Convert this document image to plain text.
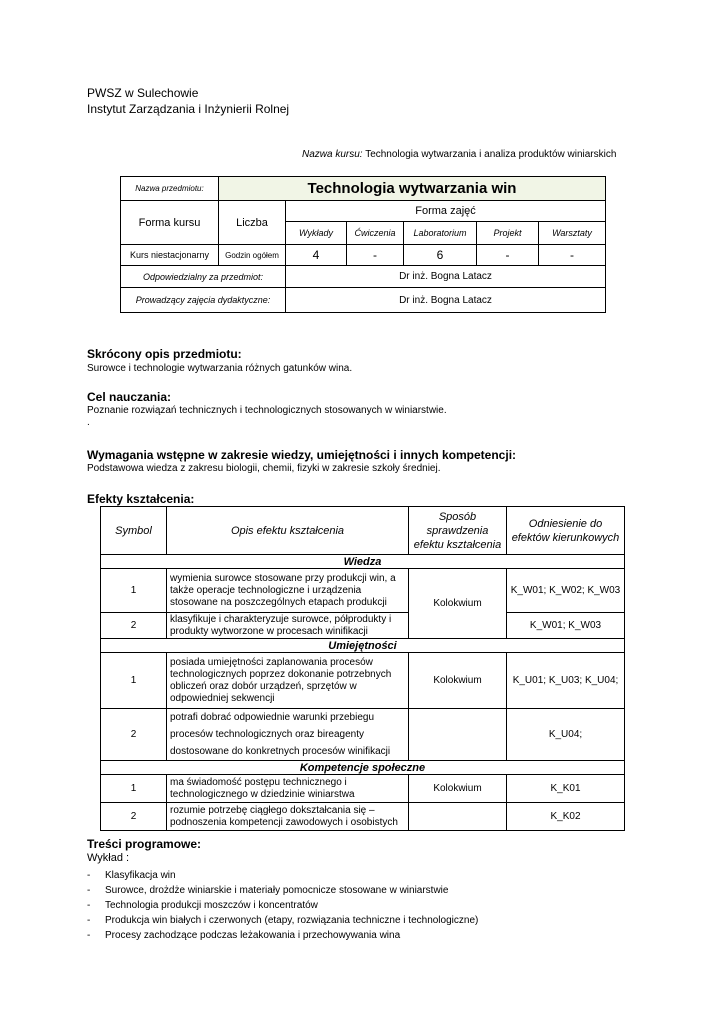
PWSZ w Sulechowie
Instytut Zarządzania i Inżynierii Rolnej
Nazwa kursu: Technologia wytwarzania i analiza produktów winiarskich
Nazwa przedmiotu:	Technologia wytwarzania win					
Forma kursu	Liczba	Forma zajęć				
		Wykłady	Ćwiczenia	Laboratorium	Projekt	Warsztaty
Kurs niestacjonarny	Godzin ogółem	4	-	6	-	-
Odpowiedzialny za przedmiot:		Dr inż. Bogna Latacz				
Prowadzący zajęcia dydaktyczne:		Dr inż. Bogna Latacz				
Skrócony opis przedmiotu:
Surowce i technologie wytwarzania różnych gatunków wina.
Cel nauczania:
Poznanie rozwiązań technicznych i technologicznych stosowanych w winiarstwie.
.
Wymagania wstępne w zakresie wiedzy, umiejętności i innych kompetencji:
Podstawowa wiedza z zakresu biologii, chemii, fizyki w zakresie szkoły średniej.
Efekty kształcenia:
Symbol	Opis efektu kształcenia	Sposób sprawdzenia efektu kształcenia	Odniesienie do efektów kierunkowych
Wiedza			
1	wymienia surowce stosowane przy produkcji win, a także operacje technologiczne i urządzenia stosowane na poszczególnych etapach produkcji	Kolokwium	K_W01; K_W02; K_W03
2	klasyfikuje i charakteryzuje surowce, półprodukty i produkty wytworzone w procesach winifikacji		K_W01; K_W03
Umiejętności			
1	posiada umiejętności zaplanowania procesów technologicznych poprzez dokonanie potrzebnych obliczeń oraz dobór urządzeń, sprzętów w odpowiedniej sekwencji	Kolokwium	K_U01; K_U03; K_U04;
2	potrafi dobrać odpowiednie warunki przebiegu procesów technologicznych oraz bireagenty dostosowane do konkretnych procesów winifikacji		K_U04;
Kompetencje społeczne			
1	ma świadomość postępu technicznego i technologicznego w dziedzinie winiarstwa	Kolokwium	K_K01
2	rozumie potrzebę ciągłego dokształcania się – podnoszenia kompetencji zawodowych i osobistych		K_K02
Treści programowe:
Wykład :
- Klasyfikacja win
- Surowce, drożdże winiarskie i materiały pomocnicze stosowane w winiarstwie
- Technologia produkcji moszczów i koncentratów
- Produkcja win białych i czerwonych (etapy, rozwiązania techniczne i technologiczne)
- Procesy zachodzące podczas leżakowania i przechowywania wina
